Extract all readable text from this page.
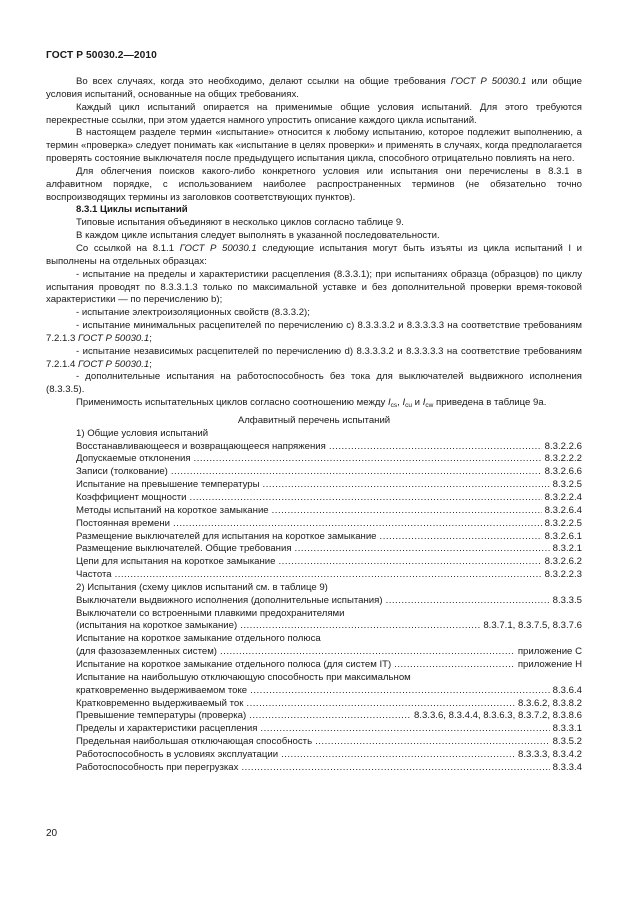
ГОСТ Р 50030.2—2010

Во всех случаях, когда это необходимо, делают ссылки на общие требования ГОСТ Р 50030.1 или общие условия испытаний, основанные на общих требованиях.

Каждый цикл испытаний опирается на применимые общие условия испытаний. Для этого требуются перекрестные ссылки, при этом удается намного упростить описание каждого цикла испытаний.

В настоящем разделе термин «испытание» относится к любому испытанию, которое подлежит выполнению, а термин «проверка» следует понимать как «испытание в целях проверки» и применять в случаях, когда предполагается проверять состояние выключателя после предыдущего испытания цикла, способного отрицательно повлиять на него.

Для облегчения поисков какого-либо конкретного условия или испытания они перечислены в 8.3.1 в алфавитном порядке, с использованием наиболее распространенных терминов (не обязательно точно воспроизводящих термины из заголовков соответствующих пунктов).

8.3.1 Циклы испытаний

Типовые испытания объединяют в несколько циклов согласно таблице 9.

В каждом цикле испытания следует выполнять в указанной последовательности.

Со ссылкой на 8.1.1 ГОСТ Р 50030.1 следующие испытания могут быть изъяты из цикла испытаний I и выполнены на отдельных образцах:

- испытание на пределы и характеристики расцепления (8.3.3.1); при испытаниях образца (образцов) по циклу испытания проводят по 8.3.3.1.3 только по максимальной уставке и без дополнительной проверки время-токовой характеристики — по перечислению b);

- испытание электроизоляционных свойств (8.3.3.2);

- испытание минимальных расцепителей по перечислению c) 8.3.3.3.2 и 8.3.3.3.3 на соответствие требованиям 7.2.1.3 ГОСТ Р 50030.1;

- испытание независимых расцепителей по перечислению d) 8.3.3.3.2 и 8.3.3.3.3 на соответствие требованиям 7.2.1.4 ГОСТ Р 50030.1;

- дополнительные испытания на работоспособность без тока для выключателей выдвижного исполнения (8.3.3.5).

Применимость испытательных циклов согласно соотношению между $I_{cs}$, $I_{cu}$ и $I_{cw}$ приведена в таблице 9а.

Алфавитный перечень испытаний

1) Общие условия испытаний

Восстанавливающееся и возвращающееся напряжения .....	8.3.2.2.6
Допускаемые отклонения .....	8.3.2.2.2
Записи (толкование) .....	8.3.2.6.6
Испытание на превышение температуры .....	8.3.2.5
Коэффициент мощности .....	8.3.2.2.4
Методы испытаний на короткое замыкание .....	8.3.2.6.4
Постоянная времени .....	8.3.2.2.5
Размещение выключателей для испытания на короткое замыкание .....	8.3.2.6.1
Размещение выключателей. Общие требования .....	8.3.2.1
Цепи для испытания на короткое замыкание .....	8.3.2.6.2
Частота .....	8.3.2.2.3

2) Испытания (схему циклов испытаний см. в таблице 9)

Выключатели выдвижного исполнения (дополнительные испытания) .....	8.3.3.5
Выключатели со встроенными плавкими предохранителями
(испытания на короткое замыкание) .....	8.3.7.1, 8.3.7.5, 8.3.7.6
Испытание на короткое замыкание отдельного полюса
(для фазозаземленных систем) .....	приложение С
Испытание на короткое замыкание отдельного полюса (для систем IT) .....	приложение Н
Испытание на наибольшую отключающую способность при максимальном
кратковременно выдерживаемом токе .....	8.3.6.4
Кратковременно выдерживаемый ток .....	8.3.6.2, 8.3.8.2
Превышение температуры (проверка) .....	8.3.3.6, 8.3.4.4, 8.3.6.3, 8.3.7.2, 8.3.8.6
Пределы и характеристики расцепления .....	8.3.3.1
Предельная наибольшая отключающая способность .....	8.3.5.2
Работоспособность в условиях эксплуатации .....	8.3.3.3, 8.3.4.2
Работоспособность при перегрузках .....	8.3.3.4
20
